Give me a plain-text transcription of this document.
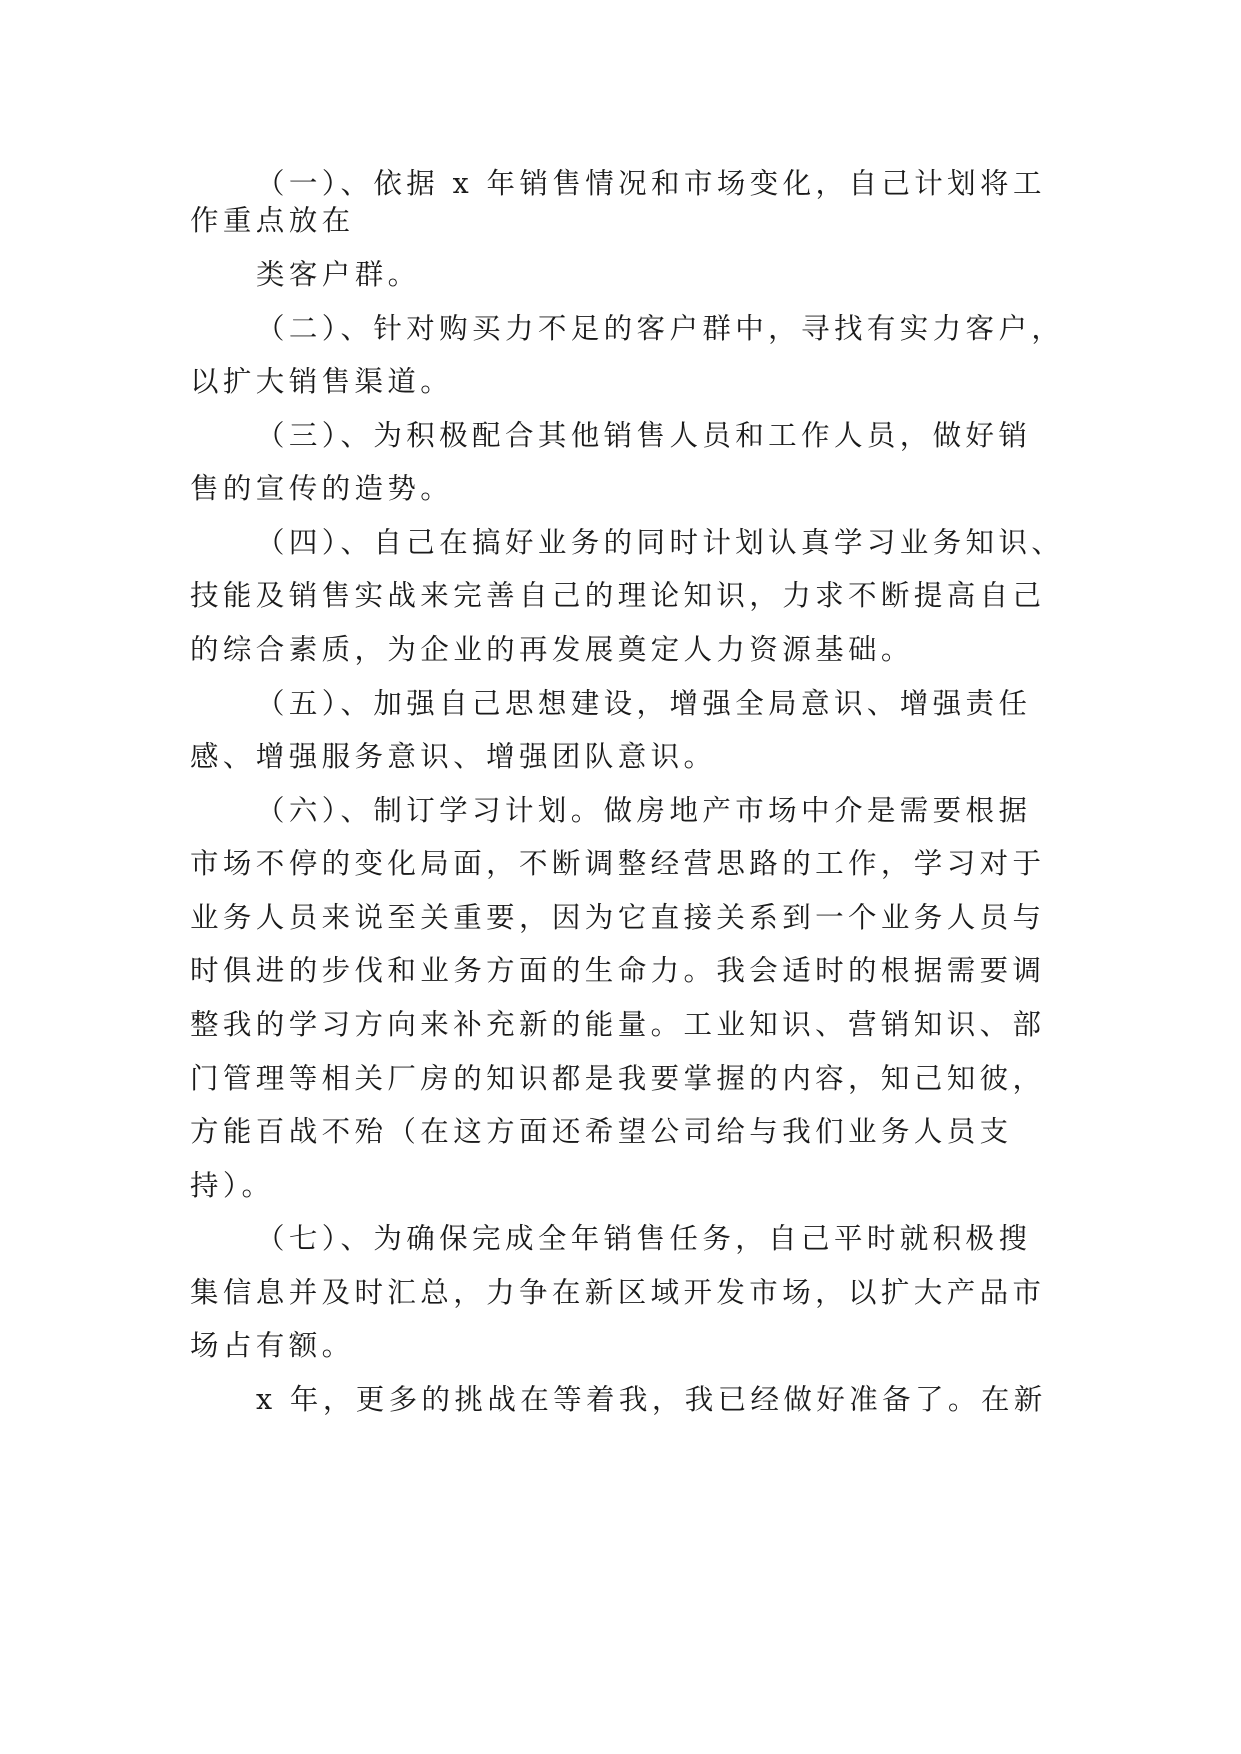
（一）、依据 x 年销售情况和市场变化，自己计划将工
作重点放在
类客户群。
（二）、针对购买力不足的客户群中，寻找有实力客户，
以扩大销售渠道。
（三）、为积极配合其他销售人员和工作人员，做好销
售的宣传的造势。
（四）、自己在搞好业务的同时计划认真学习业务知识、
技能及销售实战来完善自己的理论知识，力求不断提高自己
的综合素质，为企业的再发展奠定人力资源基础。
（五）、加强自己思想建设，增强全局意识、增强责任
感、增强服务意识、增强团队意识。
（六）、制订学习计划。做房地产市场中介是需要根据
市场不停的变化局面，不断调整经营思路的工作，学习对于
业务人员来说至关重要，因为它直接关系到一个业务人员与
时俱进的步伐和业务方面的生命力。我会适时的根据需要调
整我的学习方向来补充新的能量。工业知识、营销知识、部
门管理等相关厂房的知识都是我要掌握的内容，知己知彼，
方能百战不殆（在这方面还希望公司给与我们业务人员支
持）。
（七）、为确保完成全年销售任务，自己平时就积极搜
集信息并及时汇总，力争在新区域开发市场，以扩大产品市
场占有额。
x 年，更多的挑战在等着我，我已经做好准备了。在新
